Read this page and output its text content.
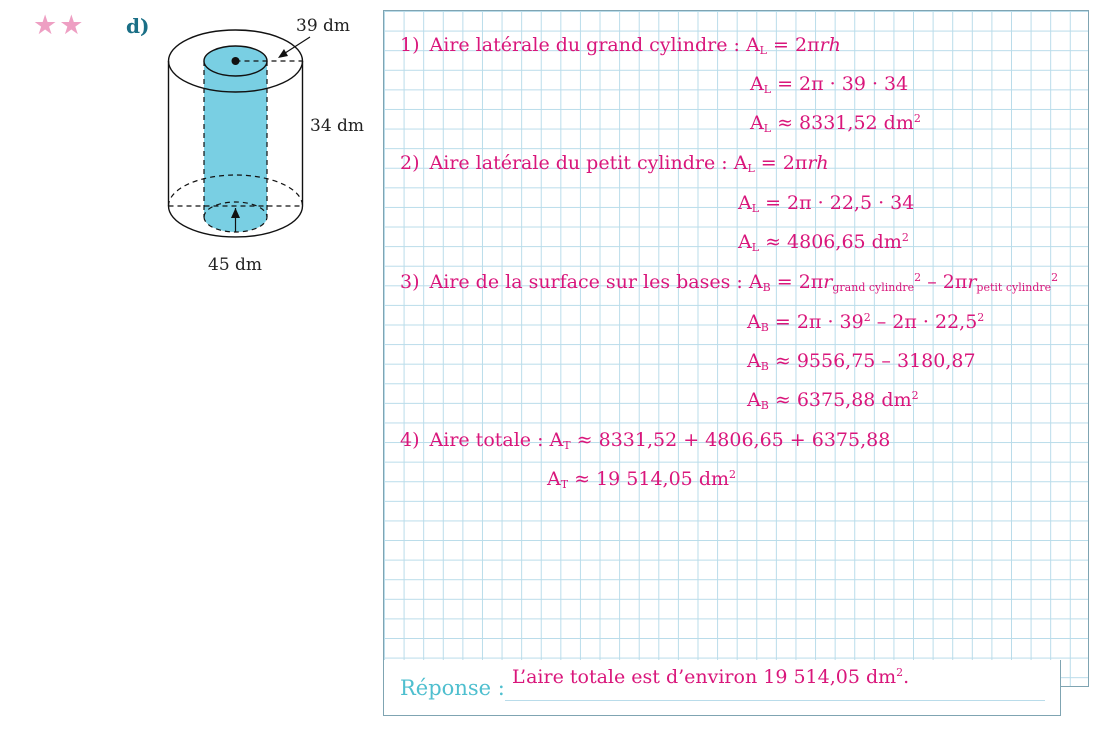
★★ d)	39 dm
34 dm
45 dm
1) Aire latérale du grand cylindre : $A_L = 2\pi rh$
$A_L = 2\pi \cdot 39 \cdot 34$
$A_L \approx 8331,52$ $dm^2$
2) Aire latérale du petit cylindre : $A_L = 2\pi rh$
$A_L = 2\pi \cdot 22,5 \cdot 34$
$A_L \approx 4806,65$ $dm^2$
3) Aire de la surface sur les bases : $A_B = 2\pi r_{grand cylindre}^2 - 2\pi r_{petit cylindre}^2$
$A_B = 2\pi \cdot 39^2 - 2\pi \cdot 22,5^2$
$A_B \approx 9556,75 - 3180,87$
$A_B \approx 6375,88$ $dm^2$
4) Aire totale : $A_T \approx 8331,52 + 4806,65 + 6375,88$
$A_T \approx 19$ 514,05 $dm^2$
Réponse : L’aire totale est d’environ 19 514,05 $dm^2$.
